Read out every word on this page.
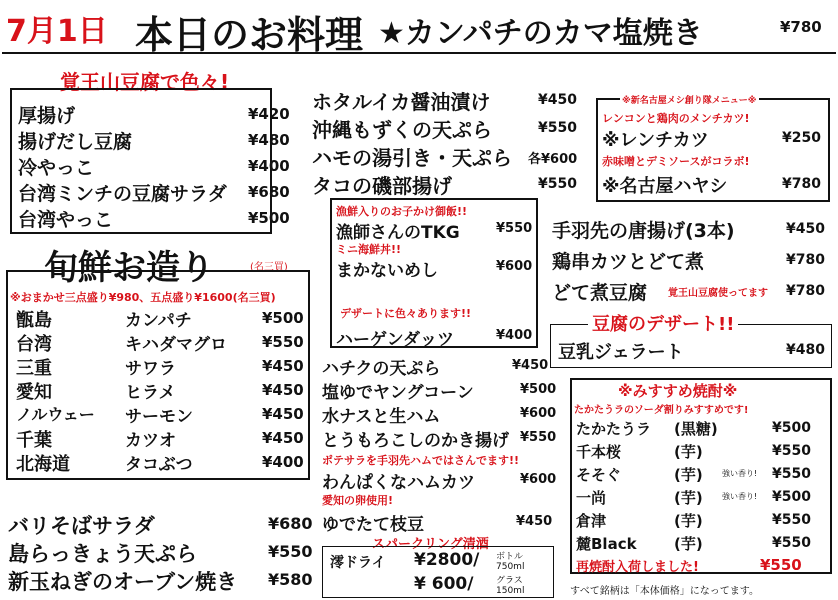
7月1日 本日のお料理 ★カンパチのカマ塩焼き	¥780
覚王山豆腐で色々!
厚揚げ	¥420
揚げだし豆腐	¥480
冷やっこ	¥400
台湾ミンチの豆腐サラダ ¥680
台湾やっこ	¥500
旬鮮お造り	(名三買)
※おまかせ三点盛り¥980、五点盛り¥1600(名三買)
甑島	カンパチ	¥500
台湾	キハダマグロ ¥550
三重	サワラ	¥450
愛知	ヒラメ	¥450
ノルウェー サーモン	¥450
千葉	カツオ	¥450
北海道	タコぶつ	¥400
バリそばサラダ	¥680
島らっきょう天ぷら	¥550
新玉ねぎのオーブン焼き ¥580
ホタルイカ醤油漬け	¥450
沖縄もずくの天ぷら	¥550
ハモの湯引き・天ぷら 各¥600
タコの磯部揚げ	¥550
漁鮮入りのお子かけ御飯!!
漁師さんのTKG	¥550
ミニ海鮮丼!!
まかないめし	¥600
デザートに色々あります!!
ハーゲンダッツ	¥400
ハチクの天ぷら	¥450
塩ゆでヤングコーン	¥500
水ナスと生ハム	¥600
とうもろこしのかき揚げ ¥550
ポテサラを手羽先ハムではさんでます!!
わんぱくなハムカツ	¥600
愛知の卵使用!
ゆでたて枝豆	¥450
スパークリング清酒
澪ドライ ¥2800/ ボトル 750ml
¥ 600/	グラス 150ml
※新名古屋メシ創り隊メニュー※
レンコンと鶏肉のメンチカツ!
※レンチカツ	¥250
赤味噌とデミソースがコラボ!
※名古屋ハヤシ	¥780
手羽先の唐揚げ(3本)	¥450
鶏串カツとどて煮	¥780
どて煮豆腐 覚王山豆腐使ってます ¥780
豆腐のデザート!!
豆乳ジェラート	¥480
※みすすめ焼酎※
たかたうラのソーダ割りみすすめです!
たかたうラ (黒糖)	¥500
千本桜	(芋)	¥550
そそぐ	(芋) 強い香り! ¥550
一尚	(芋) 強い香り! ¥500
倉津	(芋)	¥550
麓Black (芋)	¥550
再焼酎入荷しました!	¥550
すべて銘柄は「本体価格」になってます。
